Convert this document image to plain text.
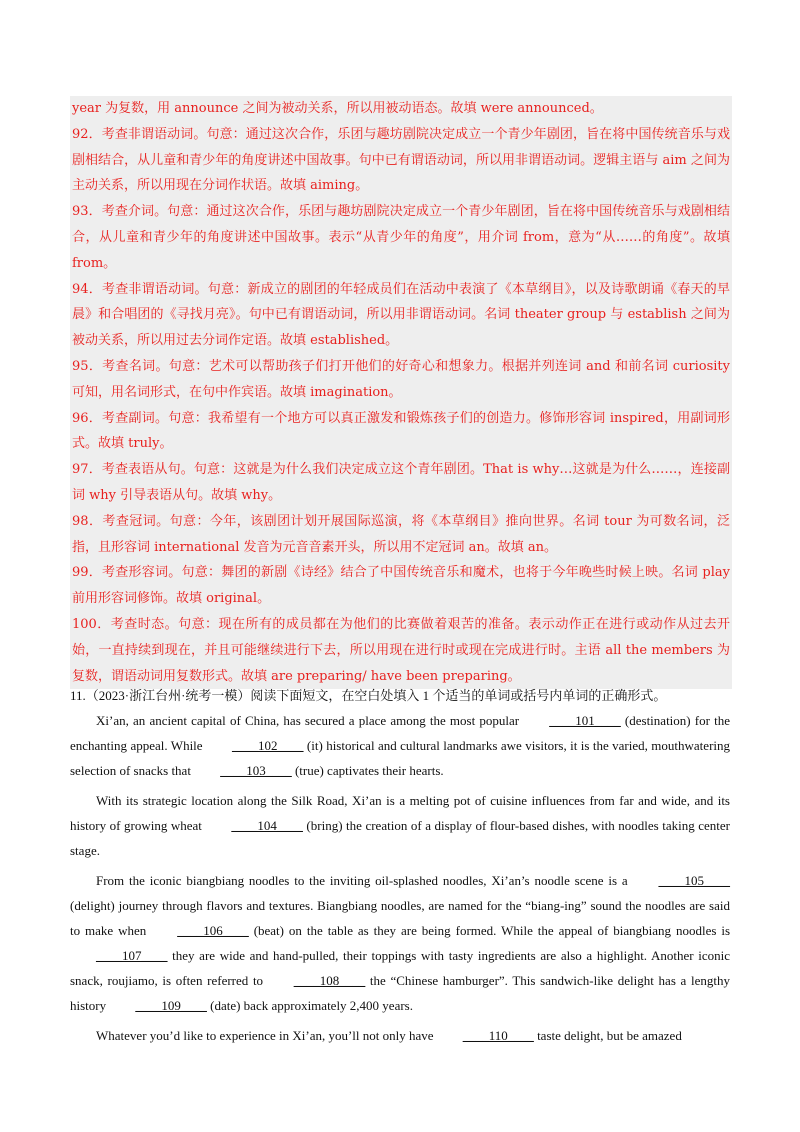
year 为复数，用 announce 之间为被动关系，所以用被动语态。故填 were announced。

92．考查非谓语动词。句意：通过这次合作，乐团与趣坊剧院决定成立一个青少年剧团，旨在将中国传统音乐与戏剧相结合，从儿童和青少年的角度讲述中国故事。句中已有谓语动词，所以用非谓语动词。逻辑主语与 aim 之间为主动关系，所以用现在分词作状语。故填 aiming。

93．考查介词。句意：通过这次合作，乐团与趣坊剧院决定成立一个青少年剧团，旨在将中国传统音乐与戏剧相结合，从儿童和青少年的角度讲述中国故事。表示“从青少年的角度”，用介词 from，意为“从……的角度”。故填 from。

94．考查非谓语动词。句意：新成立的剧团的年轻成员们在活动中表演了《本草纲目》，以及诗歌朗诵《春天的早晨》和合唱团的《寻找月亮》。句中已有谓语动词，所以用非谓语动词。名词 theater group 与 establish 之间为被动关系，所以用过去分词作定语。故填 established。

95．考查名词。句意：艺术可以帮助孩子们打开他们的好奇心和想象力。根据并列连词 and 和前名词 curiosity 可知，用名词形式，在句中作宾语。故填 imagination。

96．考查副词。句意：我希望有一个地方可以真正激发和锻炼孩子们的创造力。修饰形容词 inspired，用副词形式。故填 truly。

97．考查表语从句。句意：这就是为什么我们决定成立这个青年剧团。That is why…这就是为什么……，连接副词 why 引导表语从句。故填 why。

98．考查冠词。句意：今年，该剧团计划开展国际巡演，将《本草纲目》推向世界。名词 tour 为可数名词，泛指，且形容词 international 发音为元音音素开头，所以用不定冠词 an。故填 an。

99．考查形容词。句意：舞团的新剧《诗经》结合了中国传统音乐和魔术，也将于今年晚些时候上映。名词 play 前用形容词修饰。故填 original。

100．考查时态。句意：现在所有的成员都在为他们的比赛做着艰苦的准备。表示动作正在进行或动作从过去开始，一直持续到现在，并且可能继续进行下去，所以用现在进行时或现在完成进行时。主语 all the members 为复数，谓语动词用复数形式。故填 are preparing/ have been preparing。

11.（2023·浙江台州·统考一模）阅读下面短文，在空白处填入 1 个适当的单词或括号内单词的正确形式。

Xi’an, an ancient capital of China, has secured a place among the most popular ____101____ (destination) for the enchanting appeal. While ____102____ (it) historical and cultural landmarks awe visitors, it is the varied, mouthwatering selection of snacks that ____103____ (true) captivates their hearts.

With its strategic location along the Silk Road, Xi’an is a melting pot of cuisine influences from far and wide, and its history of growing wheat ____104____ (bring) the creation of a display of flour-based dishes, with noodles taking center stage.

From the iconic biangbiang noodles to the inviting oil-splashed noodles, Xi’an’s noodle scene is a ____105____ (delight) journey through flavors and textures. Biangbiang noodles, are named for the “biang-ing” sound the noodles are said to make when ____106____ (beat) on the table as they are being formed. While the appeal of biangbiang noodles is ____107____ they are wide and hand-pulled, their toppings with tasty ingredients are also a highlight. Another iconic snack, roujiamo, is often referred to ____108____ the “Chinese hamburger”. This sandwich-like delight has a lengthy history ____109____ (date) back approximately 2,400 years.

Whatever you’d like to experience in Xi’an, you’ll not only have ____110____ taste delight, but be amazed
